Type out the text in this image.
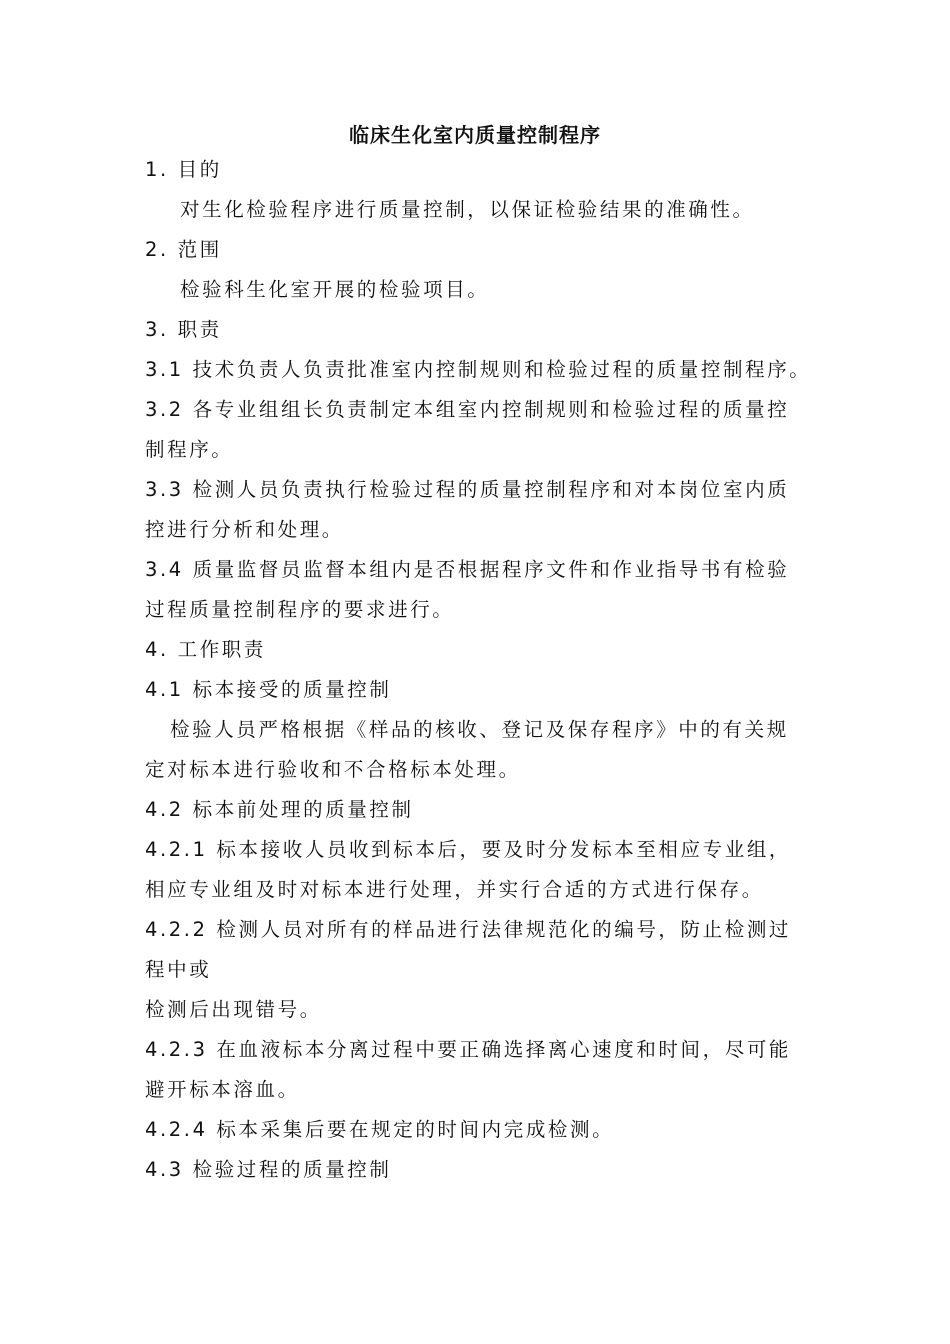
临床生化室内质量控制程序
1. 目的
对生化检验程序进行质量控制，以保证检验结果的准确性。
2. 范围
检验科生化室开展的检验项目。
3. 职责
3.1 技术负责人负责批准室内控制规则和检验过程的质量控制程序。
3.2 各专业组组长负责制定本组室内控制规则和检验过程的质量控
制程序。
3.3 检测人员负责执行检验过程的质量控制程序和对本岗位室内质
控进行分析和处理。
3.4 质量监督员监督本组内是否根据程序文件和作业指导书有检验
过程质量控制程序的要求进行。
4. 工作职责
4.1 标本接受的质量控制
检验人员严格根据《样品的核收、登记及保存程序》中的有关规
定对标本进行验收和不合格标本处理。
4.2 标本前处理的质量控制
4.2.1 标本接收人员收到标本后，要及时分发标本至相应专业组，
相应专业组及时对标本进行处理，并实行合适的方式进行保存。
4.2.2 检测人员对所有的样品进行法律规范化的编号，防止检测过
程中或
检测后出现错号。
4.2.3 在血液标本分离过程中要正确选择离心速度和时间，尽可能
避开标本溶血。
4.2.4 标本采集后要在规定的时间内完成检测。
4.3 检验过程的质量控制
